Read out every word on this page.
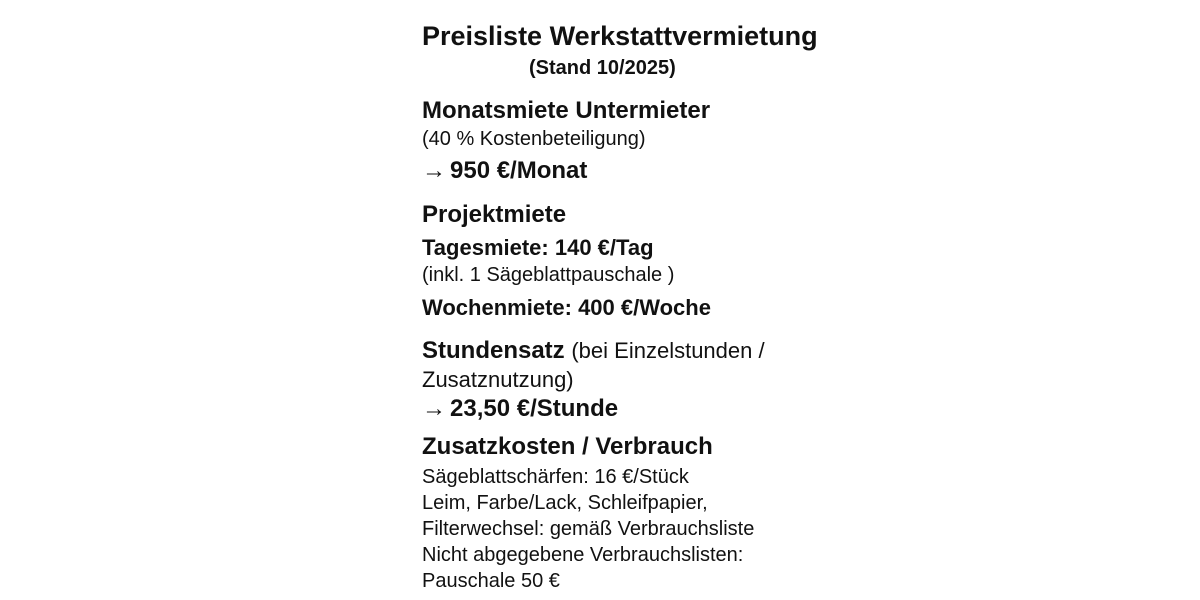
Preisliste Werkstattvermietung
(Stand 10/2025)
Monatsmiete Untermieter
(40 % Kostenbeteiligung)
→ 950 €/Monat
Projektmiete
Tagesmiete: 140 €/Tag
(inkl. 1 Sägeblattpauschale )
Wochenmiete: 400 €/Woche
Stundensatz (bei Einzelstunden /
Zusatznutzung)
→ 23,50 €/Stunde
Zusatzkosten / Verbrauch
Sägeblattschärfen: 16 €/Stück
Leim, Farbe/Lack, Schleifpapier,
Filterwechsel: gemäß Verbrauchsliste
Nicht abgegebene Verbrauchslisten:
Pauschale 50 €
